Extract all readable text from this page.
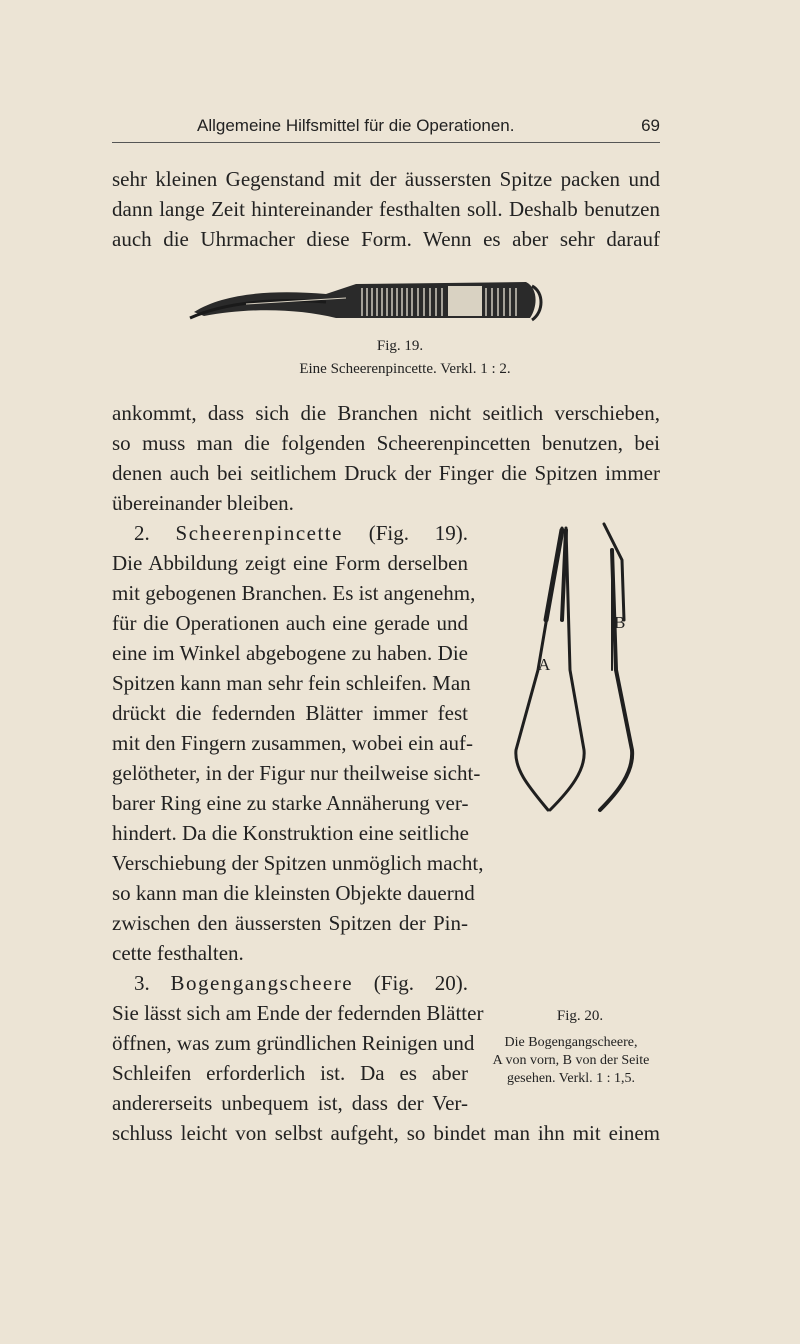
Allgemeine Hilfsmittel für die Operationen.	69
sehr kleinen Gegenstand mit der äussersten Spitze packen und
dann lange Zeit hintereinander festhalten soll. Deshalb benutzen
auch die Uhrmacher diese Form. Wenn es aber sehr darauf
Fig. 19.
Eine Scheerenpincette. Verkl. 1 : 2.
ankommt, dass sich die Branchen nicht seitlich verschieben,
so muss man die folgenden Scheerenpincetten benutzen, bei
denen auch bei seitlichem Druck der Finger die Spitzen immer
übereinander bleiben.
2. Scheerenpincette (Fig. 19).
Die Abbildung zeigt eine Form derselben
mit gebogenen Branchen. Es ist angenehm,
für die Operationen auch eine gerade und
eine im Winkel abgebogene zu haben. Die
Spitzen kann man sehr fein schleifen. Man
drückt die federnden Blätter immer fest
mit den Fingern zusammen, wobei ein auf-
gelötheter, in der Figur nur theilweise sicht-
barer Ring eine zu starke Annäherung ver-
hindert. Da die Konstruktion eine seitliche
Verschiebung der Spitzen unmöglich macht,
so kann man die kleinsten Objekte dauernd
zwischen den äussersten Spitzen der Pin-
cette festhalten.
3. Bogengangscheere (Fig. 20).
Sie lässt sich am Ende der federnden Blätter
öffnen, was zum gründlichen Reinigen und
Schleifen erforderlich ist. Da es aber
andererseits unbequem ist, dass der Ver-
schluss leicht von selbst aufgeht, so bindet man ihn mit einem
A
B
Fig. 20.
Die Bogengangscheere,
A von vorn, B von der Seite
gesehen. Verkl. 1 : 1,5.
